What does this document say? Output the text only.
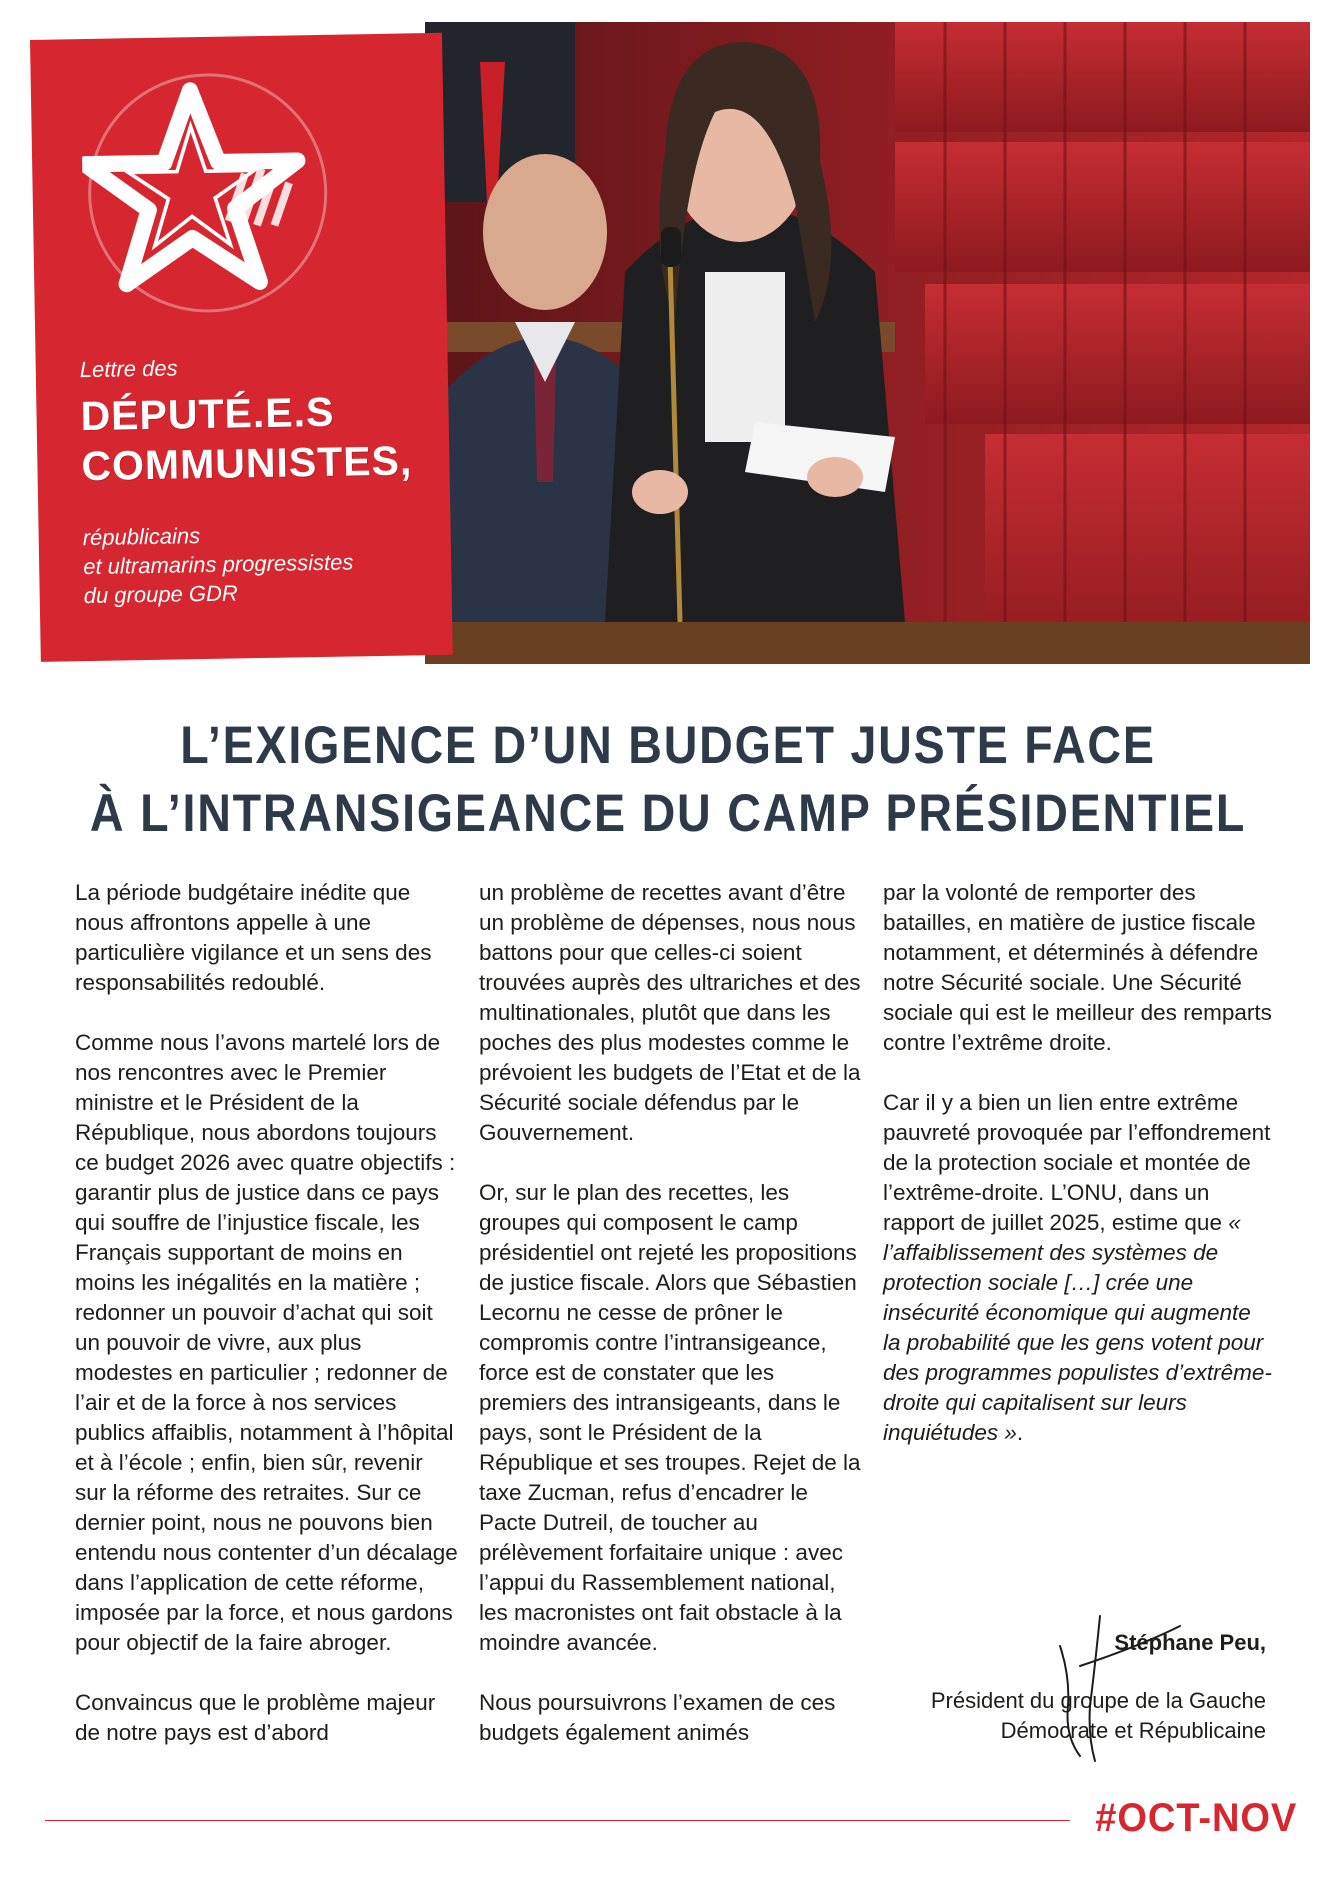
Lettre des
DÉPUTÉ.E.S
COMMUNISTES,
républicains
et ultramarins progressistes
du groupe GDR
L’EXIGENCE D’UN BUDGET JUSTE FACE
À L’INTRANSIGEANCE DU CAMP PRÉSIDENTIEL

La période budgétaire inédite que nous affrontons appelle à une particulière vigilance et un sens des responsabilités redoublé.

Comme nous l’avons martelé lors de nos rencontres avec le Premier ministre et le Président de la République, nous abordons toujours ce budget 2026 avec quatre objectifs : garantir plus de justice dans ce pays qui souffre de l’injustice fiscale, les Français supportant de moins en moins les inégalités en la matière ; redonner un pouvoir d’achat qui soit un pouvoir de vivre, aux plus modestes en particulier ; redonner de l’air et de la force à nos services publics affaiblis, notamment à l’hôpital et à l’école ; enfin, bien sûr, revenir sur la réforme des retraites. Sur ce dernier point, nous ne pouvons bien entendu nous contenter d’un décalage dans l’application de cette réforme, imposée par la force, et nous gardons pour objectif de la faire abroger.

Convaincus que le problème majeur de notre pays est d’abord

un problème de recettes avant d’être un problème de dépenses, nous nous battons pour que celles-ci soient trouvées auprès des ultrariches et des multinationales, plutôt que dans les poches des plus modestes comme le prévoient les budgets de l’Etat et de la Sécurité sociale défendus par le Gouvernement.

Or, sur le plan des recettes, les groupes qui composent le camp présidentiel ont rejeté les propositions de justice fiscale. Alors que Sébastien Lecornu ne cesse de prôner le compromis contre l’intransigeance, force est de constater que les premiers des intransigeants, dans le pays, sont le Président de la République et ses troupes. Rejet de la taxe Zucman, refus d’encadrer le Pacte Dutreil, de toucher au prélèvement forfaitaire unique : avec l’appui du Rassemblement national, les macronistes ont fait obstacle à la moindre avancée.

Nous poursuivrons l’examen de ces budgets également animés

par la volonté de remporter des batailles, en matière de justice fiscale notamment, et déterminés à défendre notre Sécurité sociale. Une Sécurité sociale qui est le meilleur des remparts contre l’extrême droite.

Car il y a bien un lien entre extrême pauvreté provoquée par l’effondrement de la protection sociale et montée de l’extrême-droite. L’ONU, dans un rapport de juillet 2025, estime que « l’affaiblissement des systèmes de protection sociale […] crée une insécurité économique qui augmente la probabilité que les gens votent pour des programmes populistes d’extrême-droite qui capitalisent sur leurs inquiétudes ».

Stéphane Peu,
Président du groupe de la Gauche
Démocrate et Républicaine
#OCT-NOV
